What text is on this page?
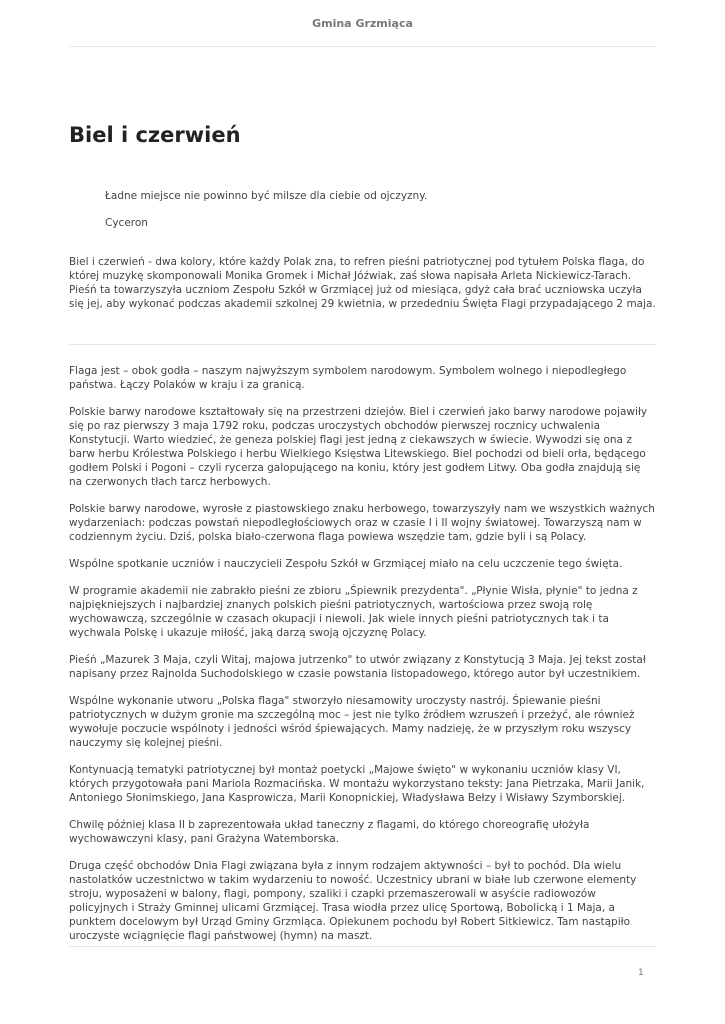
Gmina Grzmiąca
Biel i czerwień
Ładne miejsce nie powinno być milsze dla ciebie od ojczyzny.
Cyceron
Biel i czerwień - dwa kolory, które każdy Polak zna, to refren pieśni patriotycznej pod tytułem Polska flaga, do której muzykę skomponowali Monika Gromek i Michał Jóźwiak, zaś słowa napisała Arleta Nickiewicz-Tarach. Pieśń ta towarzyszyła uczniom Zespołu Szkół w Grzmiącej już od miesiąca, gdyż cała brać uczniowska uczyła się jej, aby wykonać podczas akademii szkolnej 29 kwietnia, w przededniu Święta Flagi przypadającego 2 maja.

Flaga jest – obok godła – naszym najwyższym symbolem narodowym. Symbolem wolnego i niepodległego państwa. Łączy Polaków w kraju i za granicą.

Polskie barwy narodowe kształtowały się na przestrzeni dziejów. Biel i czerwień jako barwy narodowe pojawiły się po raz pierwszy 3 maja 1792 roku, podczas uroczystych obchodów pierwszej rocznicy uchwalenia Konstytucji. Warto wiedzieć, że geneza polskiej flagi jest jedną z ciekawszych w świecie. Wywodzi się ona z barw herbu Królestwa Polskiego i herbu Wielkiego Księstwa Litewskiego. Biel pochodzi od bieli orła, będącego godłem Polski i Pogoni – czyli rycerza galopującego na koniu, który jest godłem Litwy. Oba godła znajdują się na czerwonych tłach tarcz herbowych.

Polskie barwy narodowe, wyrosłe z piastowskiego znaku herbowego, towarzyszyły nam we wszystkich ważnych wydarzeniach: podczas powstań niepodległościowych oraz w czasie I i II wojny światowej. Towarzyszą nam w codziennym życiu. Dziś, polska biało-czerwona flaga powiewa wszędzie tam, gdzie byli i są Polacy.

Wspólne spotkanie uczniów i nauczycieli Zespołu Szkół w Grzmiącej miało na celu uczczenie tego święta.

W programie akademii nie zabrakło pieśni ze zbioru „Śpiewnik prezydenta". „Płynie Wisła, płynie" to jedna z najpiękniejszych i najbardziej znanych polskich pieśni patriotycznych, wartościowa przez swoją rolę wychowawczą, szczególnie w czasach okupacji i niewoli. Jak wiele innych pieśni patriotycznych tak i ta wychwala Polskę i ukazuje miłość, jaką darzą swoją ojczyznę Polacy.

Pieśń „Mazurek 3 Maja, czyli Witaj, majowa jutrzenko" to utwór związany z Konstytucją 3 Maja. Jej tekst został napisany przez Rajnolda Suchodolskiego w czasie powstania listopadowego, którego autor był uczestnikiem.

Wspólne wykonanie utworu „Polska flaga" stworzyło niesamowity uroczysty nastrój. Śpiewanie pieśni patriotycznych w dużym gronie ma szczególną moc – jest nie tylko źródłem wzruszeń i przeżyć, ale również wywołuje poczucie wspólnoty i jedności wśród śpiewających. Mamy nadzieję, że w przyszłym roku wszyscy nauczymy się kolejnej pieśni.

Kontynuacją tematyki patriotycznej był montaż poetycki „Majowe święto" w wykonaniu uczniów klasy VI, których przygotowała pani Mariola Rozmacińska. W montażu wykorzystano teksty: Jana Pietrzaka, Marii Janik, Antoniego Słonimskiego, Jana Kasprowicza, Marii Konopnickiej, Władysława Bełzy i Wisławy Szymborskiej.

Chwilę później klasa II b zaprezentowała układ taneczny z flagami, do którego choreografię ułożyła wychowawczyni klasy, pani Grażyna Watemborska.

Druga część obchodów Dnia Flagi związana była z innym rodzajem aktywności – był to pochód. Dla wielu nastolatków uczestnictwo w takim wydarzeniu to nowość. Uczestnicy ubrani w białe lub czerwone elementy stroju, wyposażeni w balony, flagi, pompony, szaliki i czapki przemaszerowali w asyście radiowozów policyjnych i Straży Gminnej ulicami Grzmiącej. Trasa wiodła przez ulicę Sportową, Bobolicką i 1 Maja, a punktem docelowym był Urząd Gminy Grzmiąca. Opiekunem pochodu był Robert Sitkiewicz. Tam nastąpiło uroczyste wciągnięcie flagi państwowej (hymn) na maszt.

1
